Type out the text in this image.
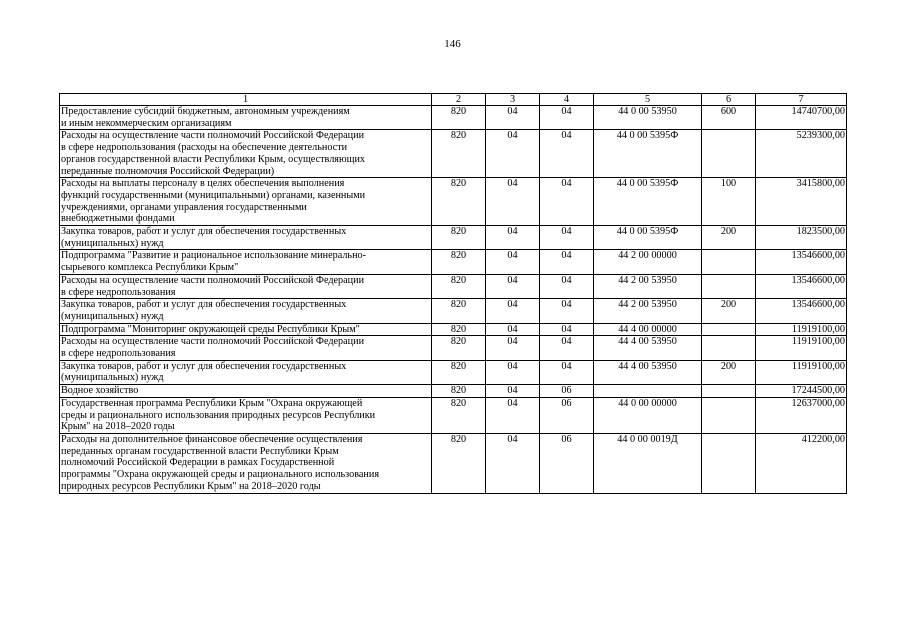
146
1	2	3	4	5	6	7

Предоставление субсидий бюджетным, автономным учреждениям
и иным некоммерческим организациям	820	04	04	44 0 00 53950	600	14740700,00

Расходы на осуществление части полномочий Российской Федерации
в сфере недропользования (расходы на обеспечение деятельности
органов государственной власти Республики Крым, осуществляющих
переданные полномочия Российской Федерации)	820	04	04	44 0 00 5395Ф		5239300,00

Расходы на выплаты персоналу в целях обеспечения выполнения
функций государственными (муниципальными) органами, казенными
учреждениями, органами управления государственными
внебюджетными фондами	820	04	04	44 0 00 5395Ф	100	3415800,00

Закупка товаров, работ и услуг для обеспечения государственных
(муниципальных) нужд	820	04	04	44 0 00 5395Ф	200	1823500,00

Подпрограмма "Развитие и рациональное использование минерально-
сырьевого комплекса Республики Крым"	820	04	04	44 2 00 00000		13546600,00

Расходы на осуществление части полномочий Российской Федерации
в сфере недропользования	820	04	04	44 2 00 53950		13546600,00

Закупка товаров, работ и услуг для обеспечения государственных
(муниципальных) нужд	820	04	04	44 2 00 53950	200	13546600,00

Подпрограмма "Мониторинг окружающей среды Республики Крым"	820	04	04	44 4 00 00000		11919100,00

Расходы на осуществление части полномочий Российской Федерации
в сфере недропользования	820	04	04	44 4 00 53950		11919100,00

Закупка товаров, работ и услуг для обеспечения государственных
(муниципальных) нужд	820	04	04	44 4 00 53950	200	11919100,00

Водное хозяйство	820	04	06			17244500,00

Государственная программа Республики Крым "Охрана окружающей
среды и рационального использования природных ресурсов Республики
Крым" на 2018–2020 годы	820	04	06	44 0 00 00000		12637000,00

Расходы на дополнительное финансовое обеспечение осуществления
переданных органам государственной власти Республики Крым
полномочий Российской Федерации в рамках Государственной
программы "Охрана окружающей среды и рационального использования
природных ресурсов Республики Крым" на 2018–2020 годы	820	04	06	44 0 00 0019Д		412200,00
